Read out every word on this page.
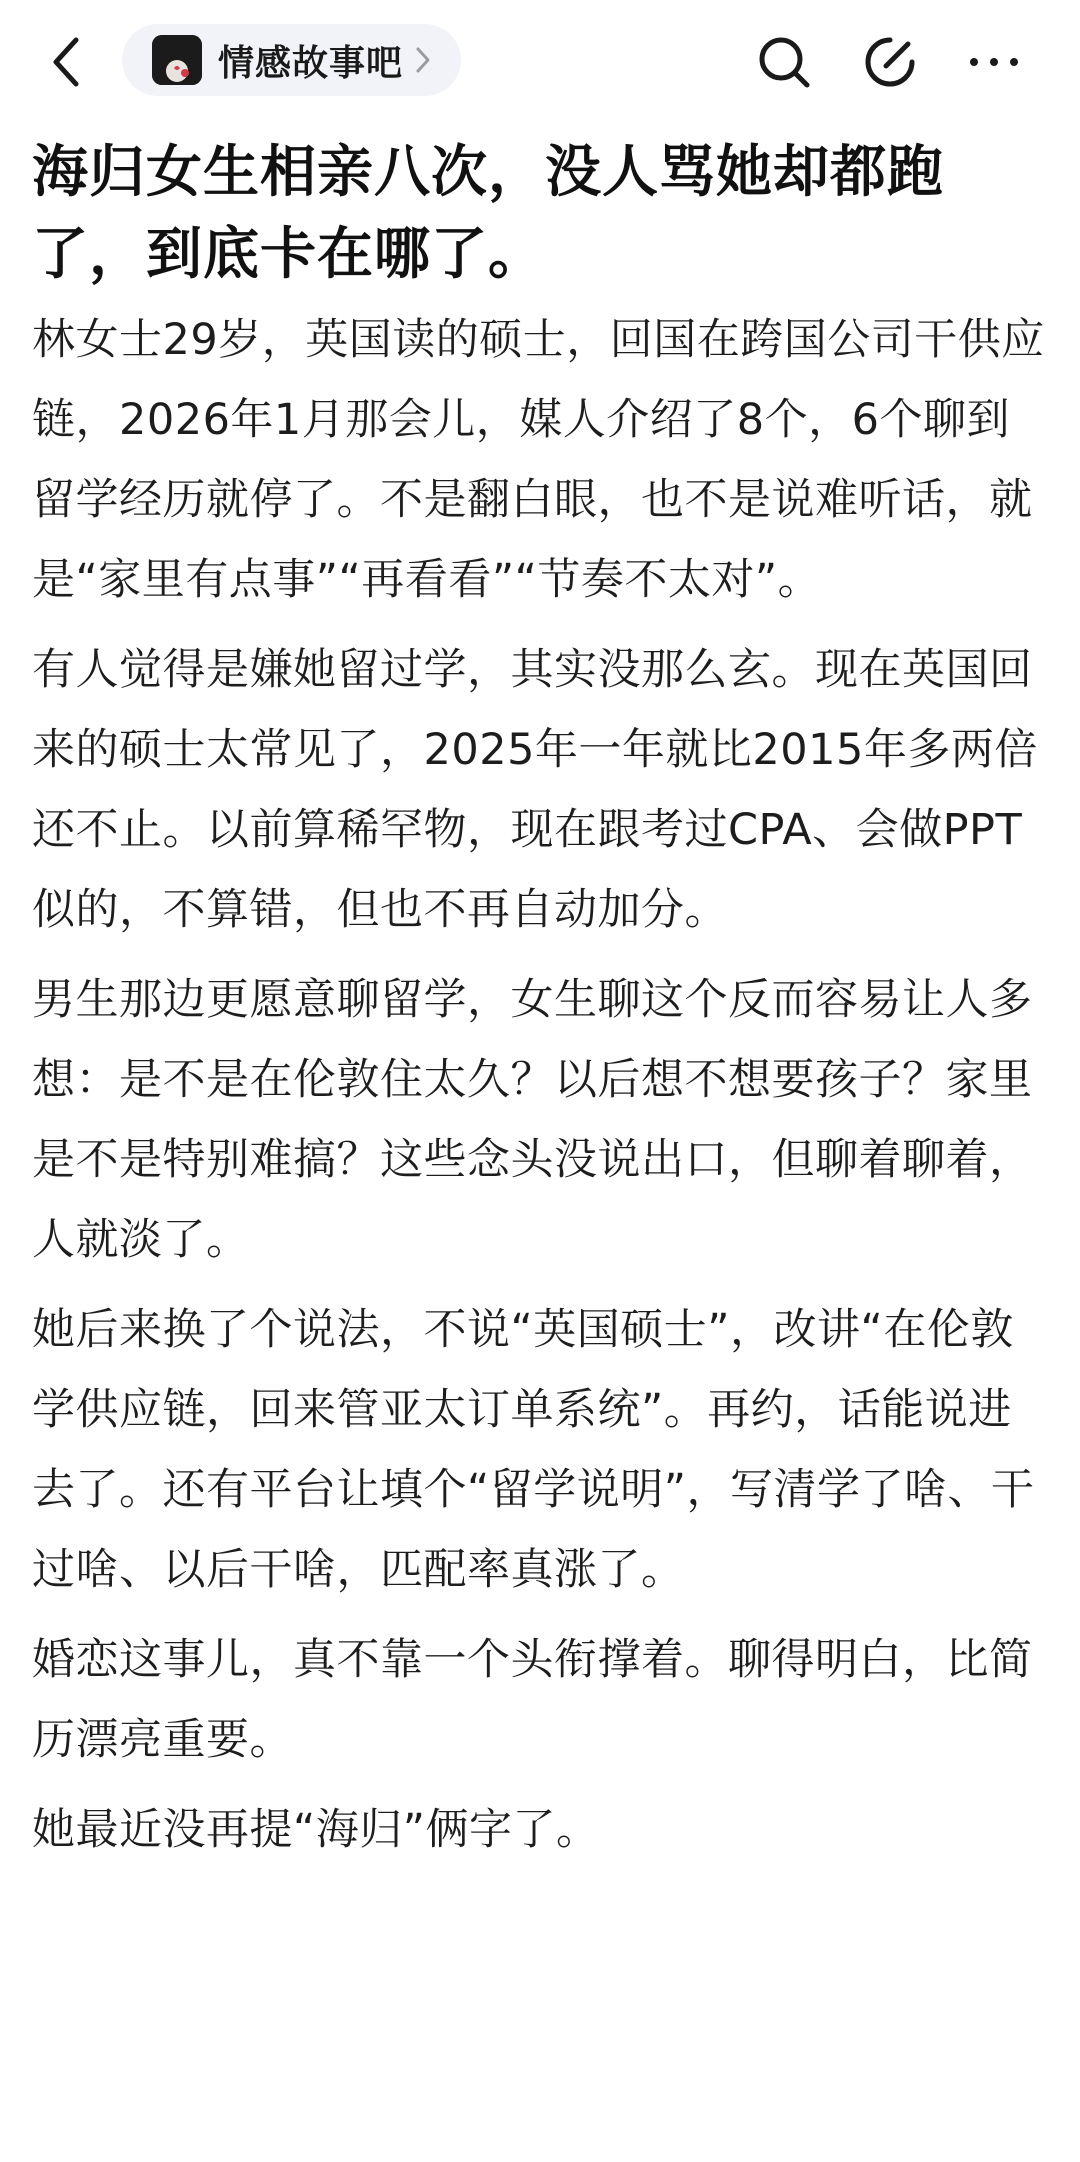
情感故事吧
海归女生相亲八次，没人骂她却都跑了，到底卡在哪了。

林女士29岁，英国读的硕士，回国在跨国公司干供应链，2026年1月那会儿，媒人介绍了8个，6个聊到留学经历就停了。不是翻白眼，也不是说难听话，就是“家里有点事”“再看看”“节奏不太对”。

有人觉得是嫌她留过学，其实没那么玄。现在英国回来的硕士太常见了，2025年一年就比2015年多两倍还不止。以前算稀罕物，现在跟考过CPA、会做PPT似的，不算错，但也不再自动加分。

男生那边更愿意聊留学，女生聊这个反而容易让人多想：是不是在伦敦住太久？以后想不想要孩子？家里是不是特别难搞？这些念头没说出口，但聊着聊着，人就淡了。

她后来换了个说法，不说“英国硕士”，改讲“在伦敦学供应链，回来管亚太订单系统”。再约，话能说进去了。还有平台让填个“留学说明”，写清学了啥、干过啥、以后干啥，匹配率真涨了。

婚恋这事儿，真不靠一个头衔撑着。聊得明白，比简历漂亮重要。

她最近没再提“海归”俩字了。
